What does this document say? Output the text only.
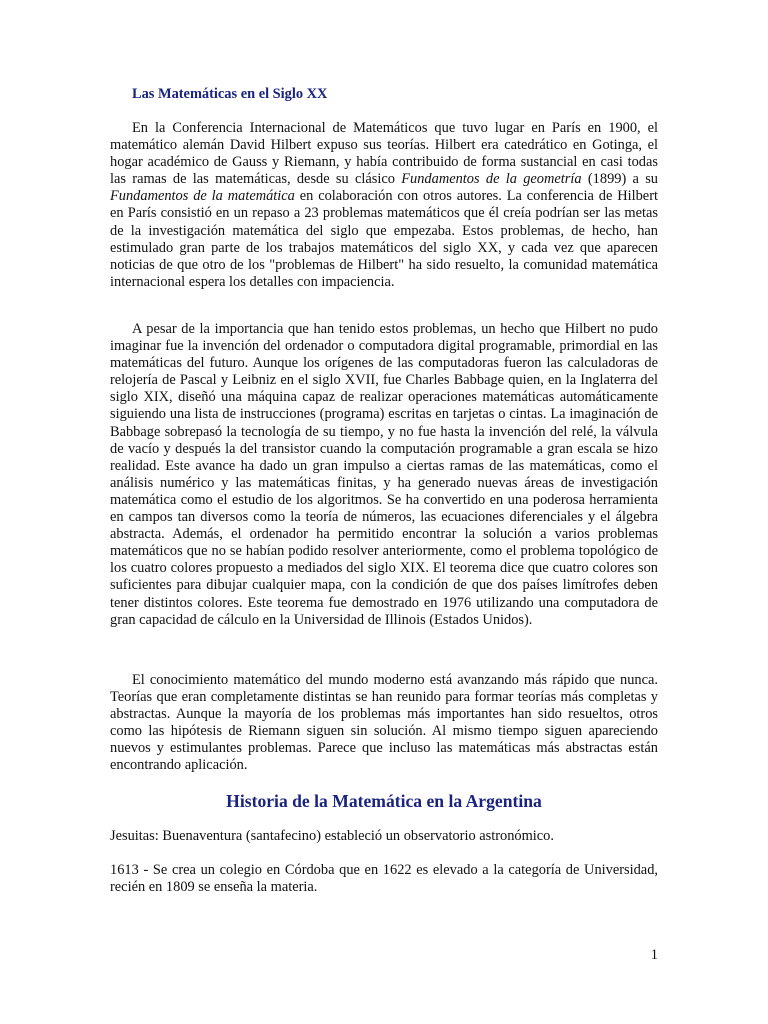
Las Matemáticas en el Siglo XX

En la Conferencia Internacional de Matemáticos que tuvo lugar en París en 1900, el matemático alemán David Hilbert expuso sus teorías. Hilbert era catedrático en Gotinga, el hogar académico de Gauss y Riemann, y había contribuido de forma sustancial en casi todas las ramas de las matemáticas, desde su clásico Fundamentos de la geometría (1899) a su Fundamentos de la matemática en colaboración con otros autores. La conferencia de Hilbert en París consistió en un repaso a 23 problemas matemáticos que él creía podrían ser las metas de la investigación matemática del siglo que empezaba. Estos problemas, de hecho, han estimulado gran parte de los trabajos matemáticos del siglo XX, y cada vez que aparecen noticias de que otro de los "problemas de Hilbert" ha sido resuelto, la comunidad matemática internacional espera los detalles con impaciencia.

A pesar de la importancia que han tenido estos problemas, un hecho que Hilbert no pudo imaginar fue la invención del ordenador o computadora digital programable, primordial en las matemáticas del futuro. Aunque los orígenes de las computadoras fueron las calculadoras de relojería de Pascal y Leibniz en el siglo XVII, fue Charles Babbage quien, en la Inglaterra del siglo XIX, diseñó una máquina capaz de realizar operaciones matemáticas automáticamente siguiendo una lista de instrucciones (programa) escritas en tarjetas o cintas. La imaginación de Babbage sobrepasó la tecnología de su tiempo, y no fue hasta la invención del relé, la válvula de vacío y después la del transistor cuando la computación programable a gran escala se hizo realidad. Este avance ha dado un gran impulso a ciertas ramas de las matemáticas, como el análisis numérico y las matemáticas finitas, y ha generado nuevas áreas de investigación matemática como el estudio de los algoritmos. Se ha convertido en una poderosa herramienta en campos tan diversos como la teoría de números, las ecuaciones diferenciales y el álgebra abstracta. Además, el ordenador ha permitido encontrar la solución a varios problemas matemáticos que no se habían podido resolver anteriormente, como el problema topológico de los cuatro colores propuesto a mediados del siglo XIX. El teorema dice que cuatro colores son suficientes para dibujar cualquier mapa, con la condición de que dos países limítrofes deben tener distintos colores. Este teorema fue demostrado en 1976 utilizando una computadora de gran capacidad de cálculo en la Universidad de Illinois (Estados Unidos).

El conocimiento matemático del mundo moderno está avanzando más rápido que nunca. Teorías que eran completamente distintas se han reunido para formar teorías más completas y abstractas. Aunque la mayoría de los problemas más importantes han sido resueltos, otros como las hipótesis de Riemann siguen sin solución. Al mismo tiempo siguen apareciendo nuevos y estimulantes problemas. Parece que incluso las matemáticas más abstractas están encontrando aplicación.

Historia de la Matemática en la Argentina

Jesuitas: Buenaventura (santafecino) estableció un observatorio astronómico.

1613 - Se crea un colegio en Córdoba que en 1622 es elevado a la categoría de Universidad, recién en 1809 se enseña la materia.

1
